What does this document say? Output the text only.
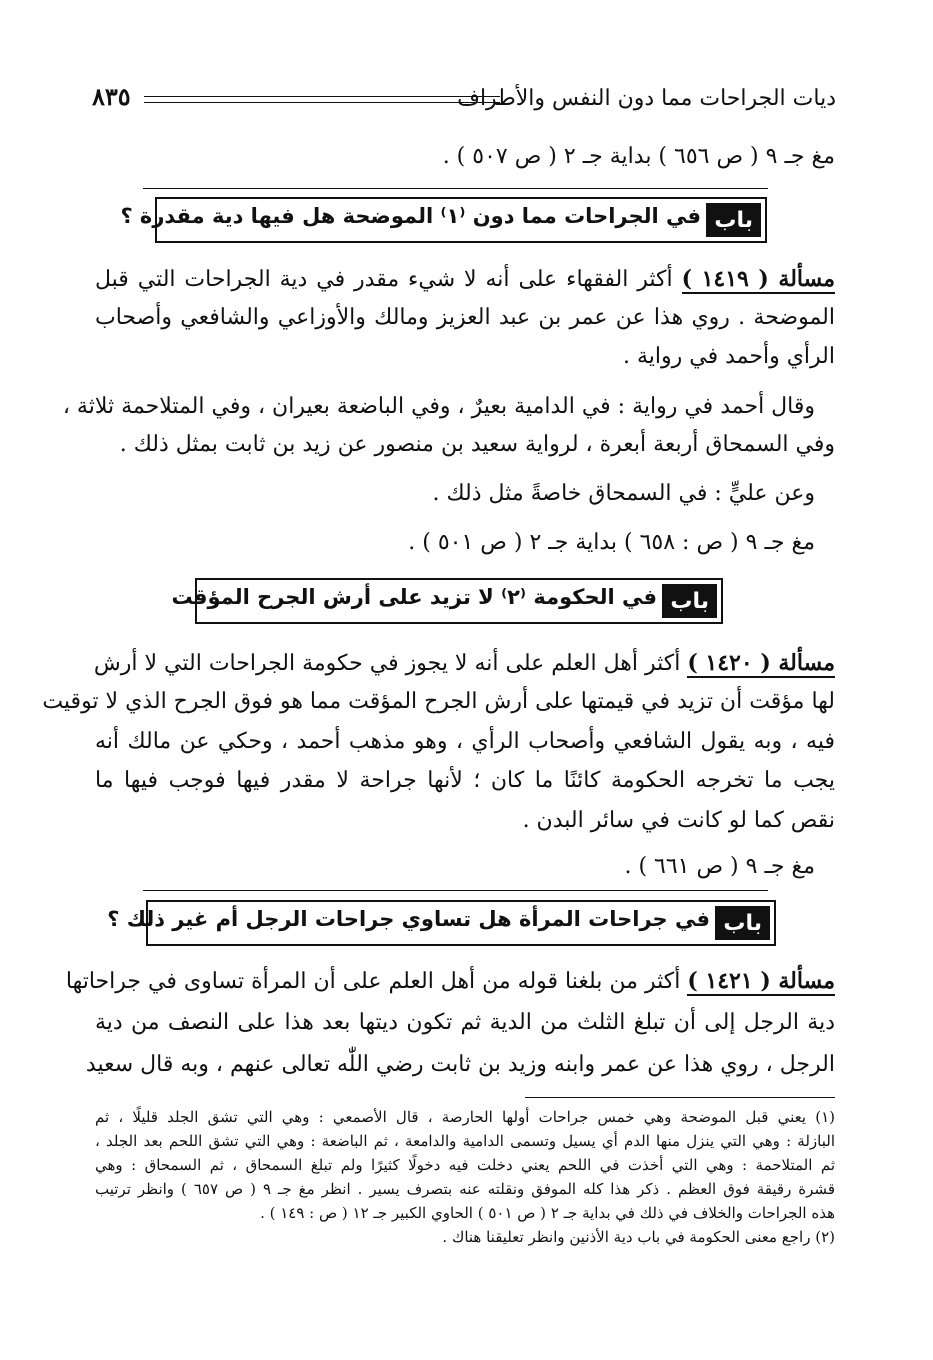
ديات الجراحات مما دون النفس والأطراف
٨٣٥
مغ جـ ٩ ( ص ٦٥٦ ) بداية جـ ٢ ( ص ٥٠٧ ) .
باب
في الجراحات مما دون ⁽١⁾ الموضحة هل فيها دية مقدرة ؟
مسألة ( ١٤١٩ ) أكثر الفقهاء على أنه لا شيء مقدر في دية الجراحات التي قبل
الموضحة . روي هذا عن عمر بن عبد العزيز ومالك والأوزاعي والشافعي وأصحاب
الرأي وأحمد في رواية .
وقال أحمد في رواية : في الدامية بعيرٌ ، وفي الباضعة بعيران ، وفي المتلاحمة ثلاثة ،
وفي السمحاق أربعة أبعرة ، لرواية سعيد بن منصور عن زيد بن ثابت بمثل ذلك .
وعن عليٍّ : في السمحاق خاصةً مثل ذلك .
مغ جـ ٩ ( ص : ٦٥٨ ) بداية جـ ٢ ( ص ٥٠١ ) .
باب
في الحكومة ⁽٢⁾ لا تزيد على أرش الجرح المؤقت
مسألة ( ١٤٢٠ ) أكثر أهل العلم على أنه لا يجوز في حكومة الجراحات التي لا أرش
لها مؤقت أن تزيد في قيمتها على أرش الجرح المؤقت مما هو فوق الجرح الذي لا توقيت
فيه ، وبه يقول الشافعي وأصحاب الرأي ، وهو مذهب أحمد ، وحكي عن مالك أنه
يجب ما تخرجه الحكومة كائنًا ما كان ؛ لأنها جراحة لا مقدر فيها فوجب فيها ما
نقص كما لو كانت في سائر البدن .
مغ جـ ٩ ( ص ٦٦١ ) .
باب
في جراحات المرأة هل تساوي جراحات الرجل أم غير ذلك ؟
مسألة ( ١٤٢١ ) أكثر من بلغنا قوله من أهل العلم على أن المرأة تساوى في جراحاتها
دية الرجل إلى أن تبلغ الثلث من الدية ثم تكون ديتها بعد هذا على النصف من دية
الرجل ، روي هذا عن عمر وابنه وزيد بن ثابت رضي اللّٰه تعالى عنهم ، وبه قال سعيد
(١) يعني قبل الموضحة وهي خمس جراحات أولها الحارصة ، قال الأصمعي : وهي التي تشق الجلد قليلًا ، ثم
البازلة : وهي التي ينزل منها الدم أي يسيل وتسمى الدامية والدامعة ، ثم الباضعة : وهي التي تشق اللحم بعد الجلد ،
ثم المتلاحمة : وهي التي أخذت في اللحم يعني دخلت فيه دخولًا كثيرًا ولم تبلغ السمحاق ، ثم السمحاق : وهي
قشرة رقيقة فوق العظم . ذكر هذا كله الموفق ونقلته عنه بتصرف يسير . انظر مغ جـ ٩ ( ص ٦٥٧ ) وانظر ترتيب
هذه الجراحات والخلاف في ذلك في بداية جـ ٢ ( ص ٥٠١ ) الحاوي الكبير جـ ١٢ ( ص : ١٤٩ ) .
(٢) راجع معنى الحكومة في باب دية الأذنين وانظر تعليقنا هناك .
